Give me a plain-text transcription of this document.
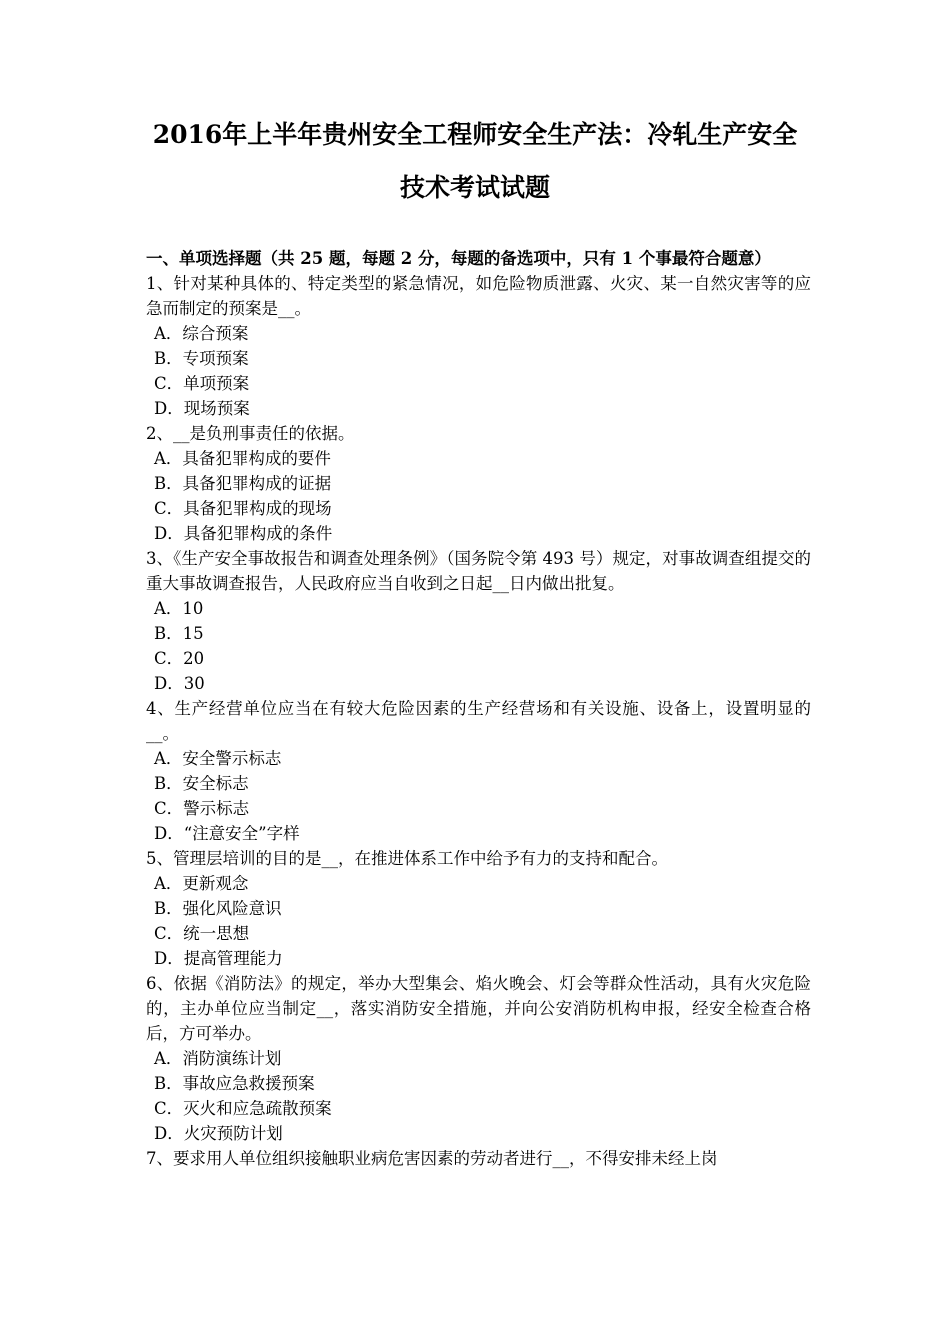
2016年上半年贵州安全工程师安全生产法：冷轧生产安全
技术考试试题
一、单项选择题（共 25 题，每题 2 分，每题的备选项中，只有 1 个事最符合题意）
1、针对某种具体的、特定类型的紧急情况，如危险物质泄露、火灾、某一自然灾害等的应急而制定的预案是__。
A．综合预案
B．专项预案
C．单项预案
D．现场预案
2、__是负刑事责任的依据。
A．具备犯罪构成的要件
B．具备犯罪构成的证据
C．具备犯罪构成的现场
D．具备犯罪构成的条件
3、《生产安全事故报告和调查处理条例》（国务院令第 493 号）规定，对事故调查组提交的重大事故调查报告，人民政府应当自收到之日起__日内做出批复。
A．10
B．15
C．20
D．30
4、生产经营单位应当在有较大危险因素的生产经营场和有关设施、设备上，设置明显的__。
A．安全警示标志
B．安全标志
C．警示标志
D．“注意安全”字样
5、管理层培训的目的是__，在推进体系工作中给予有力的支持和配合。
A．更新观念
B．强化风险意识
C．统一思想
D．提高管理能力
6、依据《消防法》的规定，举办大型集会、焰火晚会、灯会等群众性活动，具有火灾危险的，主办单位应当制定__，落实消防安全措施，并向公安消防机构申报，经安全检查合格后，方可举办。
A．消防演练计划
B．事故应急救援预案
C．灭火和应急疏散预案
D．火灾预防计划
7、要求用人单位组织接触职业病危害因素的劳动者进行__，不得安排未经上岗
